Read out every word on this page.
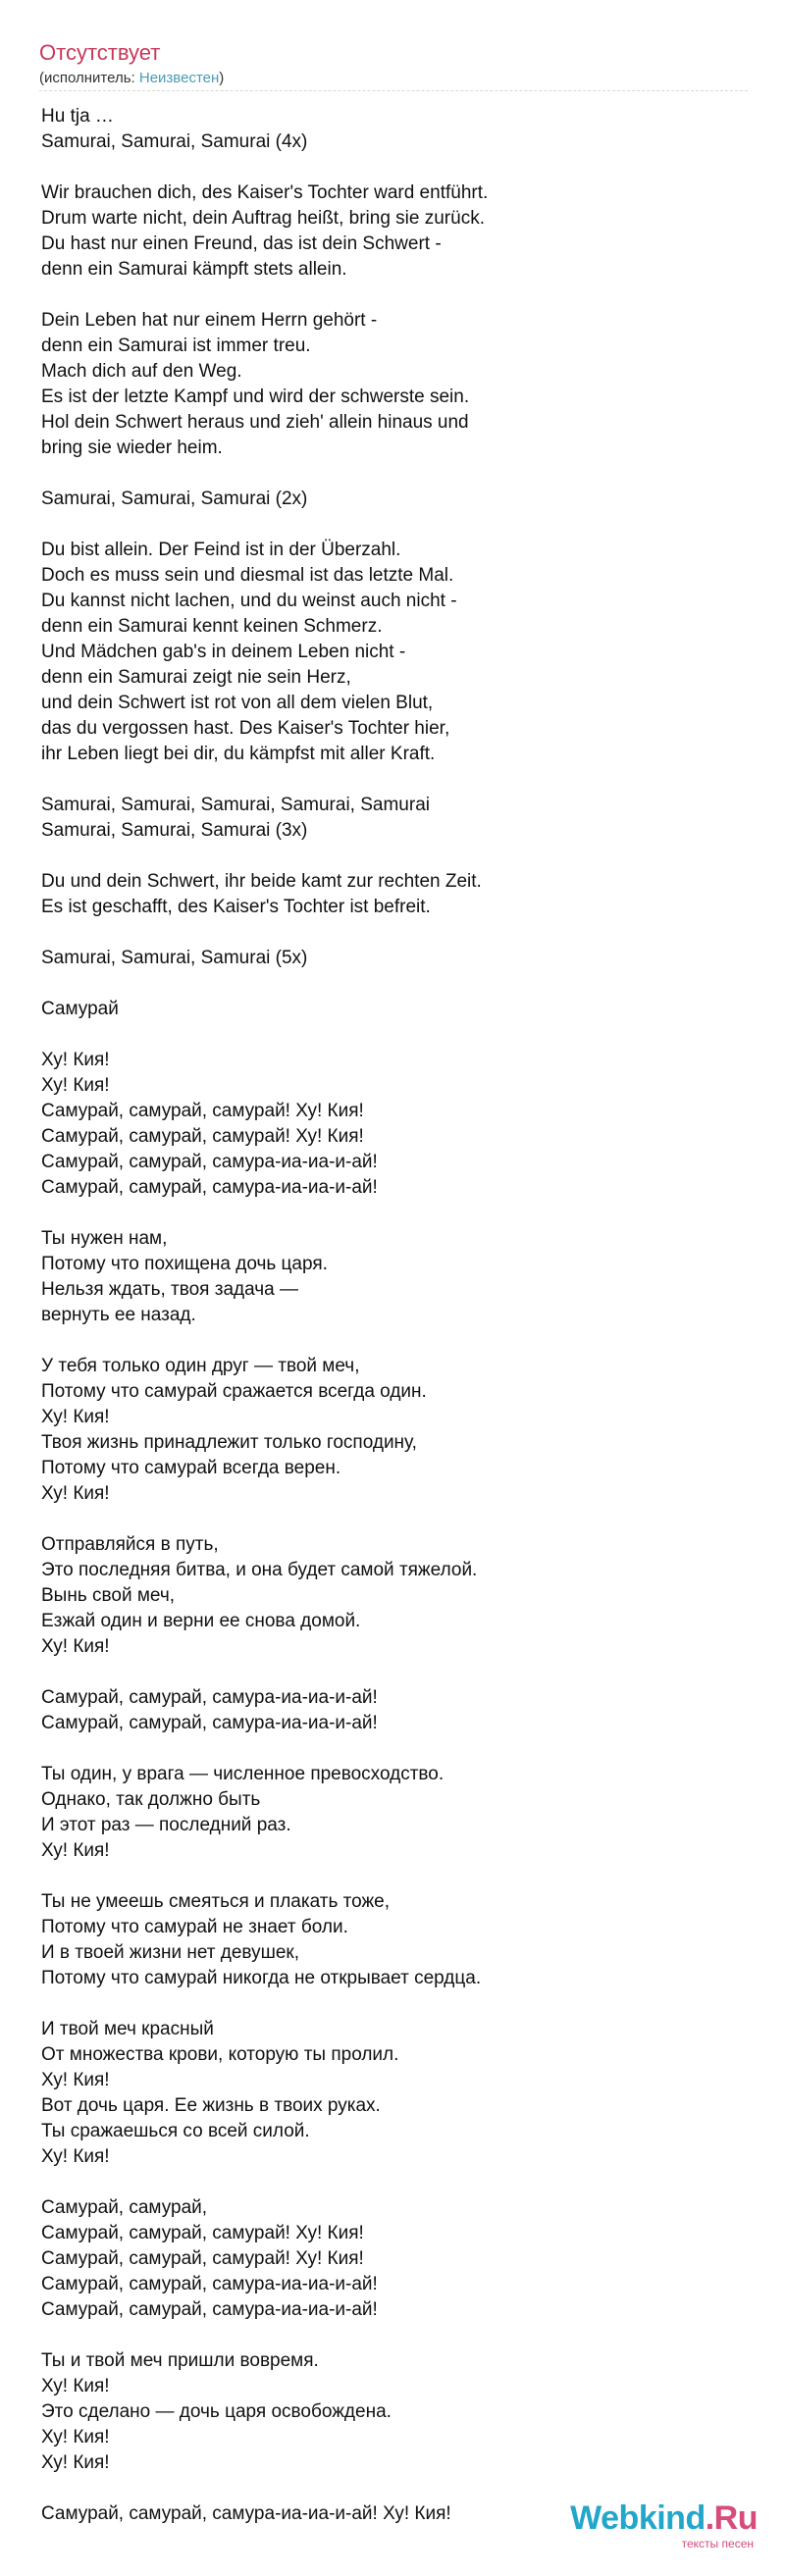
Отсутствует
(исполнитель: Неизвестен)
Hu tja …
Samurai, Samurai, Samurai (4x)
Wir brauchen dich, des Kaiser's Tochter ward entführt.
Drum warte nicht, dein Auftrag heißt, bring sie zurück.
Du hast nur einen Freund, das ist dein Schwert -
denn ein Samurai kämpft stets allein.
Dein Leben hat nur einem Herrn gehört -
denn ein Samurai ist immer treu.
Mach dich auf den Weg.
Es ist der letzte Kampf und wird der schwerste sein.
Hol dein Schwert heraus und zieh' allein hinaus und
bring sie wieder heim.
Samurai, Samurai, Samurai (2x)
Du bist allein. Der Feind ist in der Überzahl.
Doch es muss sein und diesmal ist das letzte Mal.
Du kannst nicht lachen, und du weinst auch nicht -
denn ein Samurai kennt keinen Schmerz.
Und Mädchen gab's in deinem Leben nicht -
denn ein Samurai zeigt nie sein Herz,
und dein Schwert ist rot von all dem vielen Blut,
das du vergossen hast. Des Kaiser's Tochter hier,
ihr Leben liegt bei dir, du kämpfst mit aller Kraft.
Samurai, Samurai, Samurai, Samurai, Samurai
Samurai, Samurai, Samurai (3x)
Du und dein Schwert, ihr beide kamt zur rechten Zeit.
Es ist geschafft, des Kaiser's Tochter ist befreit.
Samurai, Samurai, Samurai (5x)
Самурай
Ху! Кия!
Ху! Кия!
Самурай, самурай, самурай! Ху! Кия!
Самурай, самурай, самурай! Ху! Кия!
Самурай, самурай, самура-иа-иа-и-ай!
Самурай, самурай, самура-иа-иа-и-ай!
Ты нужен нам,
Потому что похищена дочь царя.
Нельзя ждать, твоя задача —
вернуть ее назад.
У тебя только один друг — твой меч,
Потому что самурай сражается всегда один.
Ху! Кия!
Твоя жизнь принадлежит только господину,
Потому что самурай всегда верен.
Ху! Кия!
Отправляйся в путь,
Это последняя битва, и она будет самой тяжелой.
Вынь свой меч,
Езжай один и верни ее снова домой.
Ху! Кия!
Самурай, самурай, самура-иа-иа-и-ай!
Самурай, самурай, самура-иа-иа-и-ай!
Ты один, у врага — численное превосходство.
Однако, так должно быть
И этот раз — последний раз.
Ху! Кия!
Ты не умеешь смеяться и плакать тоже,
Потому что самурай не знает боли.
И в твоей жизни нет девушек,
Потому что самурай никогда не открывает сердца.
И твой меч красный
От множества крови, которую ты пролил.
Ху! Кия!
Вот дочь царя. Ее жизнь в твоих руках.
Ты сражаешься со всей силой.
Ху! Кия!
Самурай, самурай,
Самурай, самурай, самурай! Ху! Кия!
Самурай, самурай, самурай! Ху! Кия!
Самурай, самурай, самура-иа-иа-и-ай!
Самурай, самурай, самура-иа-иа-и-ай!
Ты и твой меч пришли вовремя.
Ху! Кия!
Это сделано — дочь царя освобождена.
Ху! Кия!
Ху! Кия!
Самурай, самурай, самура-иа-иа-и-ай! Ху! Кия!	Webkind.Ru
тексты песен
